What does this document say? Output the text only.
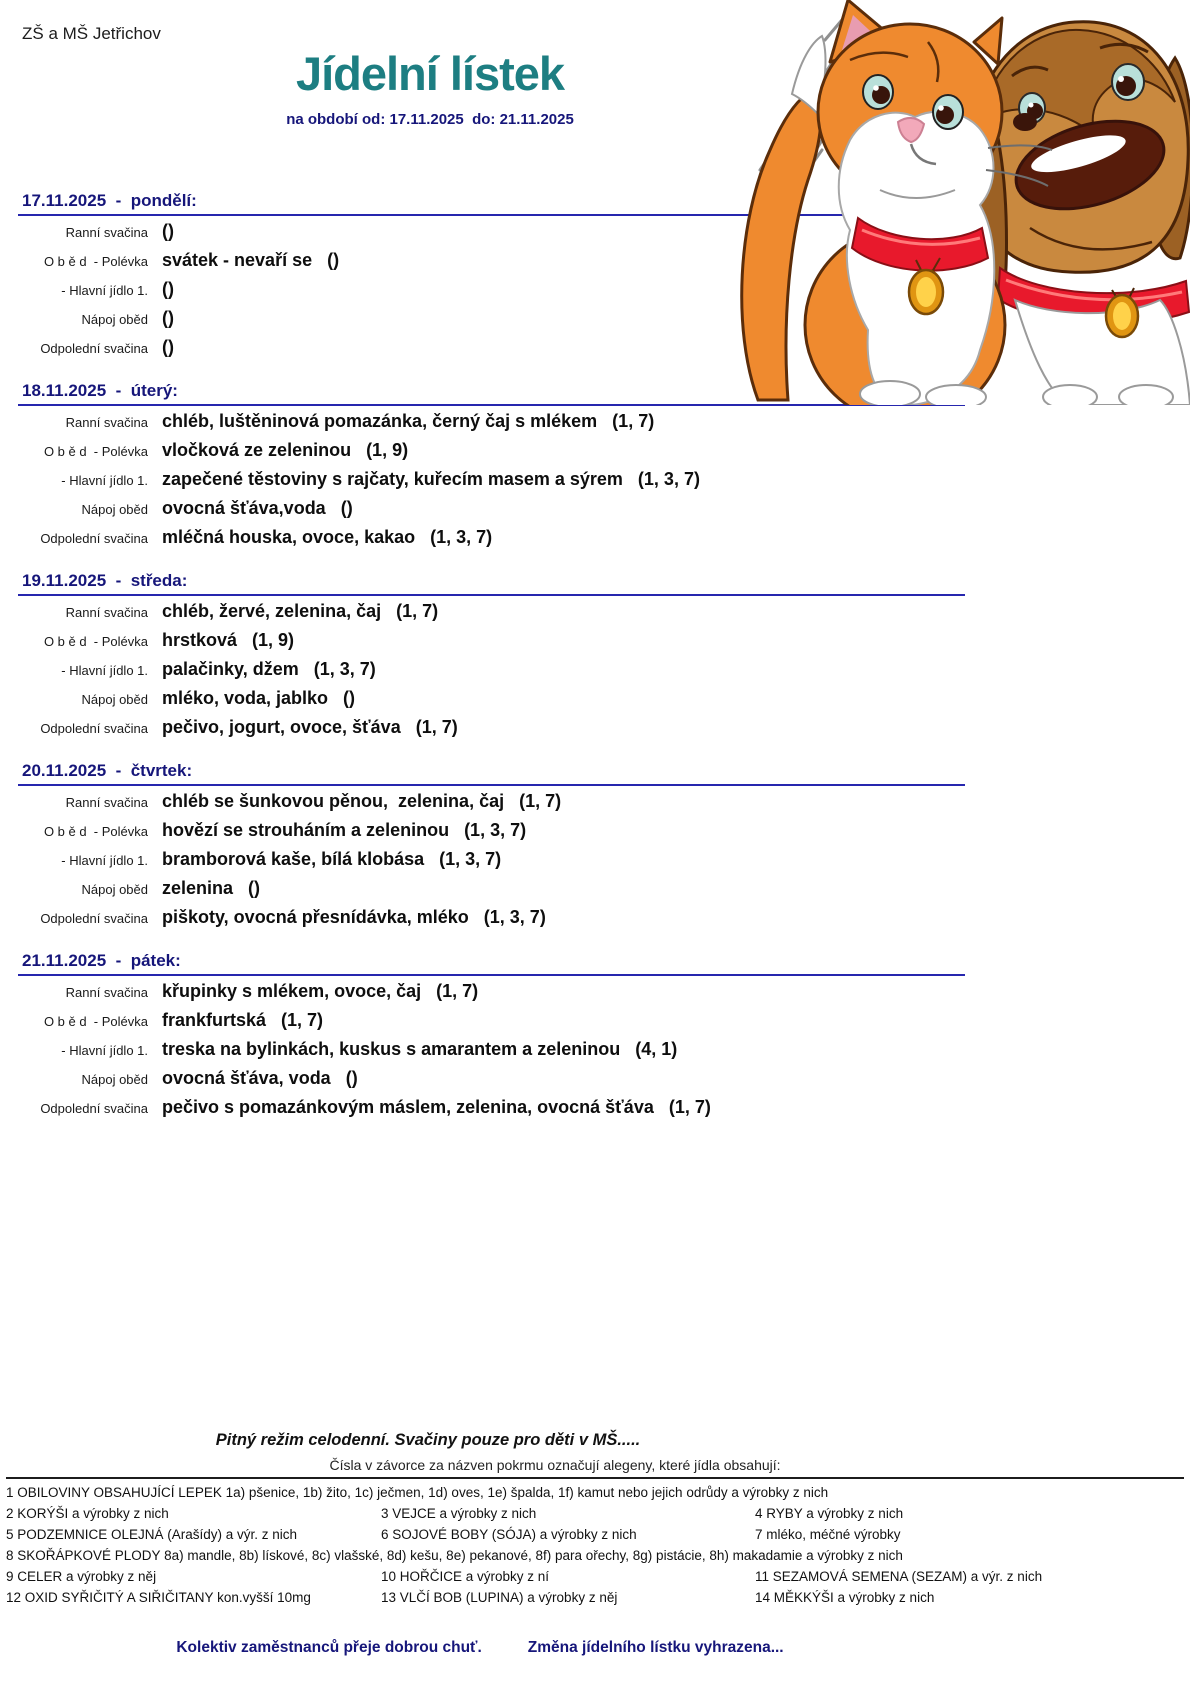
ZŠ a MŠ Jetřichov
Jídelní lístek
na období od: 17.11.2025  do: 21.11.2025
17.11.2025  -  pondělí:
Ranní svačina ()
O b ě d  - Polévka svátek - nevaří se   ()
- Hlavní jídlo 1. ()
Nápoj oběd ()
Odpolední svačina ()
18.11.2025  -  úterý:
Ranní svačina chléb, luštěninová pomazánka, černý čaj s mlékem   (1, 7)
O b ě d  - Polévka vločková ze zeleninou   (1, 9)
- Hlavní jídlo 1. zapečené těstoviny s rajčaty, kuřecím masem a sýrem   (1, 3, 7)
Nápoj oběd ovocná šťáva,voda   ()
Odpolední svačina mléčná houska, ovoce, kakao   (1, 3, 7)
19.11.2025  -  středa:
Ranní svačina chléb, žervé, zelenina, čaj   (1, 7)
O b ě d  - Polévka hrstková   (1, 9)
- Hlavní jídlo 1. palačinky, džem   (1, 3, 7)
Nápoj oběd mléko, voda, jablko   ()
Odpolední svačina pečivo, jogurt, ovoce, šťáva   (1, 7)
20.11.2025  -  čtvrtek:
Ranní svačina chléb se šunkovou pěnou,  zelenina, čaj   (1, 7)
O b ě d  - Polévka hovězí se strouháním a zeleninou   (1, 3, 7)
- Hlavní jídlo 1. bramborová kaše, bílá klobása   (1, 3, 7)
Nápoj oběd zelenina   ()
Odpolední svačina piškoty, ovocná přesnídávka, mléko   (1, 3, 7)
21.11.2025  -  pátek:
Ranní svačina křupinky s mlékem, ovoce, čaj   (1, 7)
O b ě d  - Polévka frankfurtská   (1, 7)
- Hlavní jídlo 1. treska na bylinkách, kuskus s amarantem a zeleninou   (4, 1)
Nápoj oběd ovocná šťáva, voda   ()
Odpolední svačina pečivo s pomazánkovým máslem, zelenina, ovocná šťáva   (1, 7)
Pitný režim celodenní. Svačiny pouze pro děti v MŠ.....
Čísla v závorce za názven pokrmu označují alegeny, které jídla obsahují:
1 OBILOVINY OBSAHUJÍCÍ LEPEK 1a) pšenice, 1b) žito, 1c) ječmen, 1d) oves, 1e) špalda, 1f) kamut nebo jejich odrůdy a výrobky z nich
2 KORÝŠI a výrobky z nich	3 VEJCE a výrobky z nich	4 RYBY a výrobky z nich
5 PODZEMNICE OLEJNÁ (Arašídy) a výr. z nich	6 SOJOVÉ BOBY (SÓJA) a výrobky z nich	7 mléko, méčné výrobky
8 SKOŘÁPKOVÉ PLODY 8a) mandle, 8b) lískové, 8c) vlašské, 8d) kešu, 8e) pekanové, 8f) para ořechy, 8g) pistácie, 8h) makadamie a výrobky z nich
9 CELER a výrobky z něj	10 HOŘČICE a výrobky z ní	11 SEZAMOVÁ SEMENA (SEZAM) a výr. z nich
12 OXID SYŘIČITÝ A SIŘIČITANY kon.vyšší 10mg	13 VLČÍ BOB (LUPINA) a výrobky z něj	14 MĚKKÝŠI a výrobky z nich
Kolektiv zaměstnanců přeje dobrou chuť.	Změna jídelního lístku vyhrazena...
